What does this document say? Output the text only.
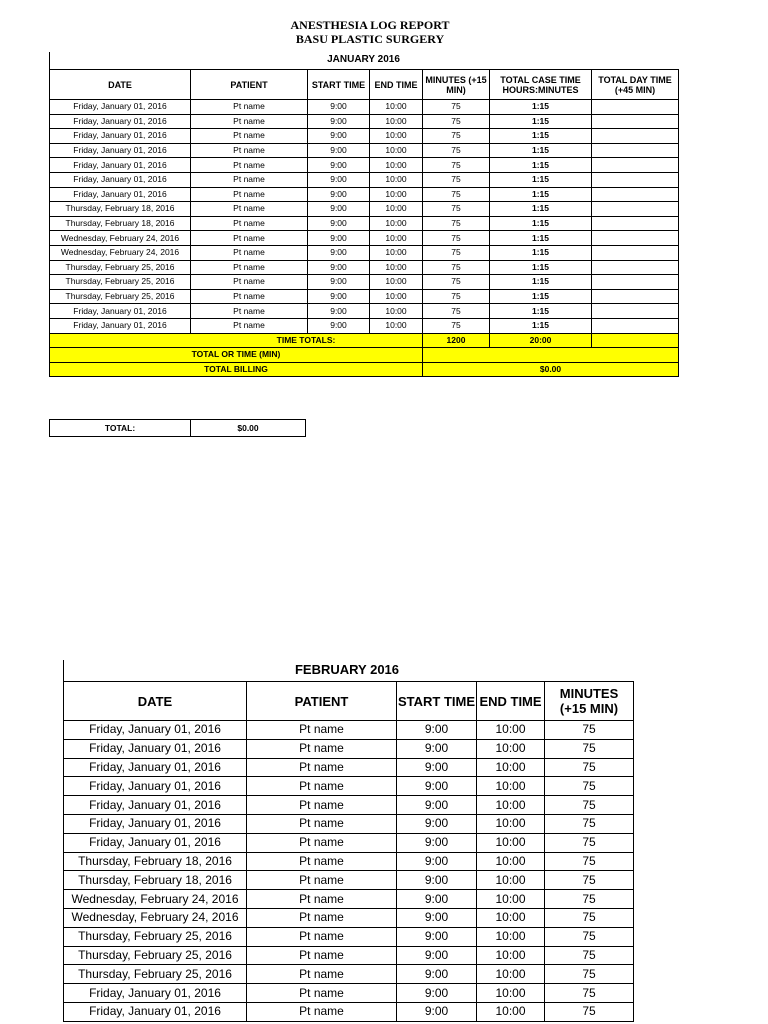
ANESTHESIA LOG REPORT
BASU PLASTIC SURGERY
JANUARY 2016
DATE	PATIENT	START TIME	END TIME	MINUTES (+15 MIN)	TOTAL CASE TIME HOURS:MINUTES	TOTAL DAY TIME (+45 MIN)
Friday, January 01, 2016	Pt name	9:00	10:00	75	1:15	
Friday, January 01, 2016	Pt name	9:00	10:00	75	1:15	
Friday, January 01, 2016	Pt name	9:00	10:00	75	1:15	
Friday, January 01, 2016	Pt name	9:00	10:00	75	1:15	
Friday, January 01, 2016	Pt name	9:00	10:00	75	1:15	
Friday, January 01, 2016	Pt name	9:00	10:00	75	1:15	
Friday, January 01, 2016	Pt name	9:00	10:00	75	1:15	
Thursday, February 18, 2016	Pt name	9:00	10:00	75	1:15	
Thursday, February 18, 2016	Pt name	9:00	10:00	75	1:15	
Wednesday, February 24, 2016	Pt name	9:00	10:00	75	1:15	
Wednesday, February 24, 2016	Pt name	9:00	10:00	75	1:15	
Thursday, February 25, 2016	Pt name	9:00	10:00	75	1:15	
Thursday, February 25, 2016	Pt name	9:00	10:00	75	1:15	
Thursday, February 25, 2016	Pt name	9:00	10:00	75	1:15	
Friday, January 01, 2016	Pt name	9:00	10:00	75	1:15	
Friday, January 01, 2016	Pt name	9:00	10:00	75	1:15	
TIME TOTALS:				1200	20:00	
TOTAL OR TIME (MIN)						
TOTAL BILLING				$0.00		
TOTAL:	$0.00
FEBRUARY 2016
DATE	PATIENT	START TIME	END TIME	MINUTES (+15 MIN)
Friday, January 01, 2016	Pt name	9:00	10:00	75
Friday, January 01, 2016	Pt name	9:00	10:00	75
Friday, January 01, 2016	Pt name	9:00	10:00	75
Friday, January 01, 2016	Pt name	9:00	10:00	75
Friday, January 01, 2016	Pt name	9:00	10:00	75
Friday, January 01, 2016	Pt name	9:00	10:00	75
Friday, January 01, 2016	Pt name	9:00	10:00	75
Thursday, February 18, 2016	Pt name	9:00	10:00	75
Thursday, February 18, 2016	Pt name	9:00	10:00	75
Wednesday, February 24, 2016	Pt name	9:00	10:00	75
Wednesday, February 24, 2016	Pt name	9:00	10:00	75
Thursday, February 25, 2016	Pt name	9:00	10:00	75
Thursday, February 25, 2016	Pt name	9:00	10:00	75
Thursday, February 25, 2016	Pt name	9:00	10:00	75
Friday, January 01, 2016	Pt name	9:00	10:00	75
Friday, January 01, 2016	Pt name	9:00	10:00	75
